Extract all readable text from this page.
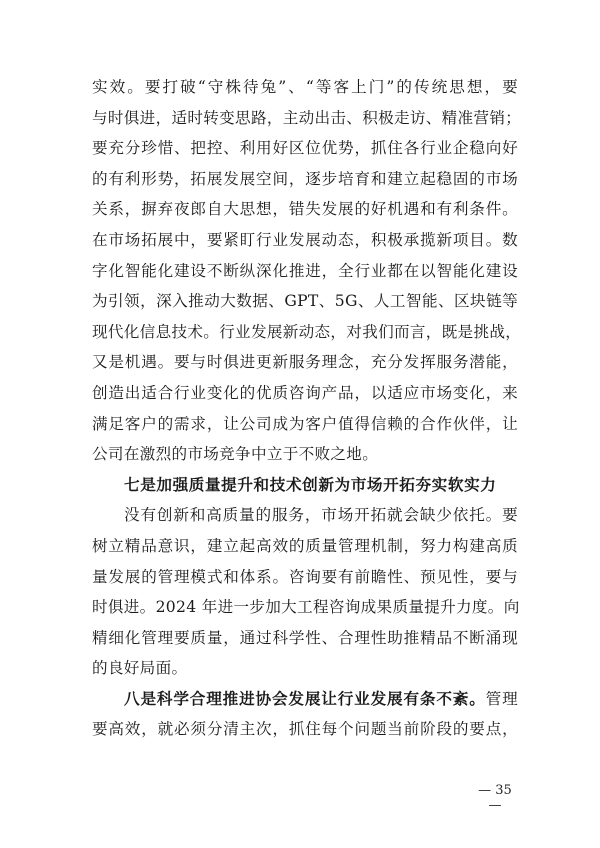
实效。要打破“守株待兔”、“等客上门”的传统思想，要
与时俱进，适时转变思路，主动出击、积极走访、精准营销；
要充分珍惜、把控、利用好区位优势，抓住各行业企稳向好
的有利形势，拓展发展空间，逐步培育和建立起稳固的市场
关系，摒弃夜郎自大思想，错失发展的好机遇和有利条件。
在市场拓展中，要紧盯行业发展动态，积极承揽新项目。数
字化智能化建设不断纵深化推进，全行业都在以智能化建设
为引领，深入推动大数据、GPT、5G、人工智能、区块链等
现代化信息技术。行业发展新动态，对我们而言，既是挑战，
又是机遇。要与时俱进更新服务理念，充分发挥服务潜能，
创造出适合行业变化的优质咨询产品，以适应市场变化，来
满足客户的需求，让公司成为客户值得信赖的合作伙伴，让
公司在激烈的市场竞争中立于不败之地。
七是加强质量提升和技术创新为市场开拓夯实软实力
没有创新和高质量的服务，市场开拓就会缺少依托。要
树立精品意识，建立起高效的质量管理机制，努力构建高质
量发展的管理模式和体系。咨询要有前瞻性、预见性，要与
时俱进。2024 年进一步加大工程咨询成果质量提升力度。向
精细化管理要质量，通过科学性、合理性助推精品不断涌现
的良好局面。
八是科学合理推进协会发展让行业发展有条不紊。管理
要高效，就必须分清主次，抓住每个问题当前阶段的要点，
— 35 —
